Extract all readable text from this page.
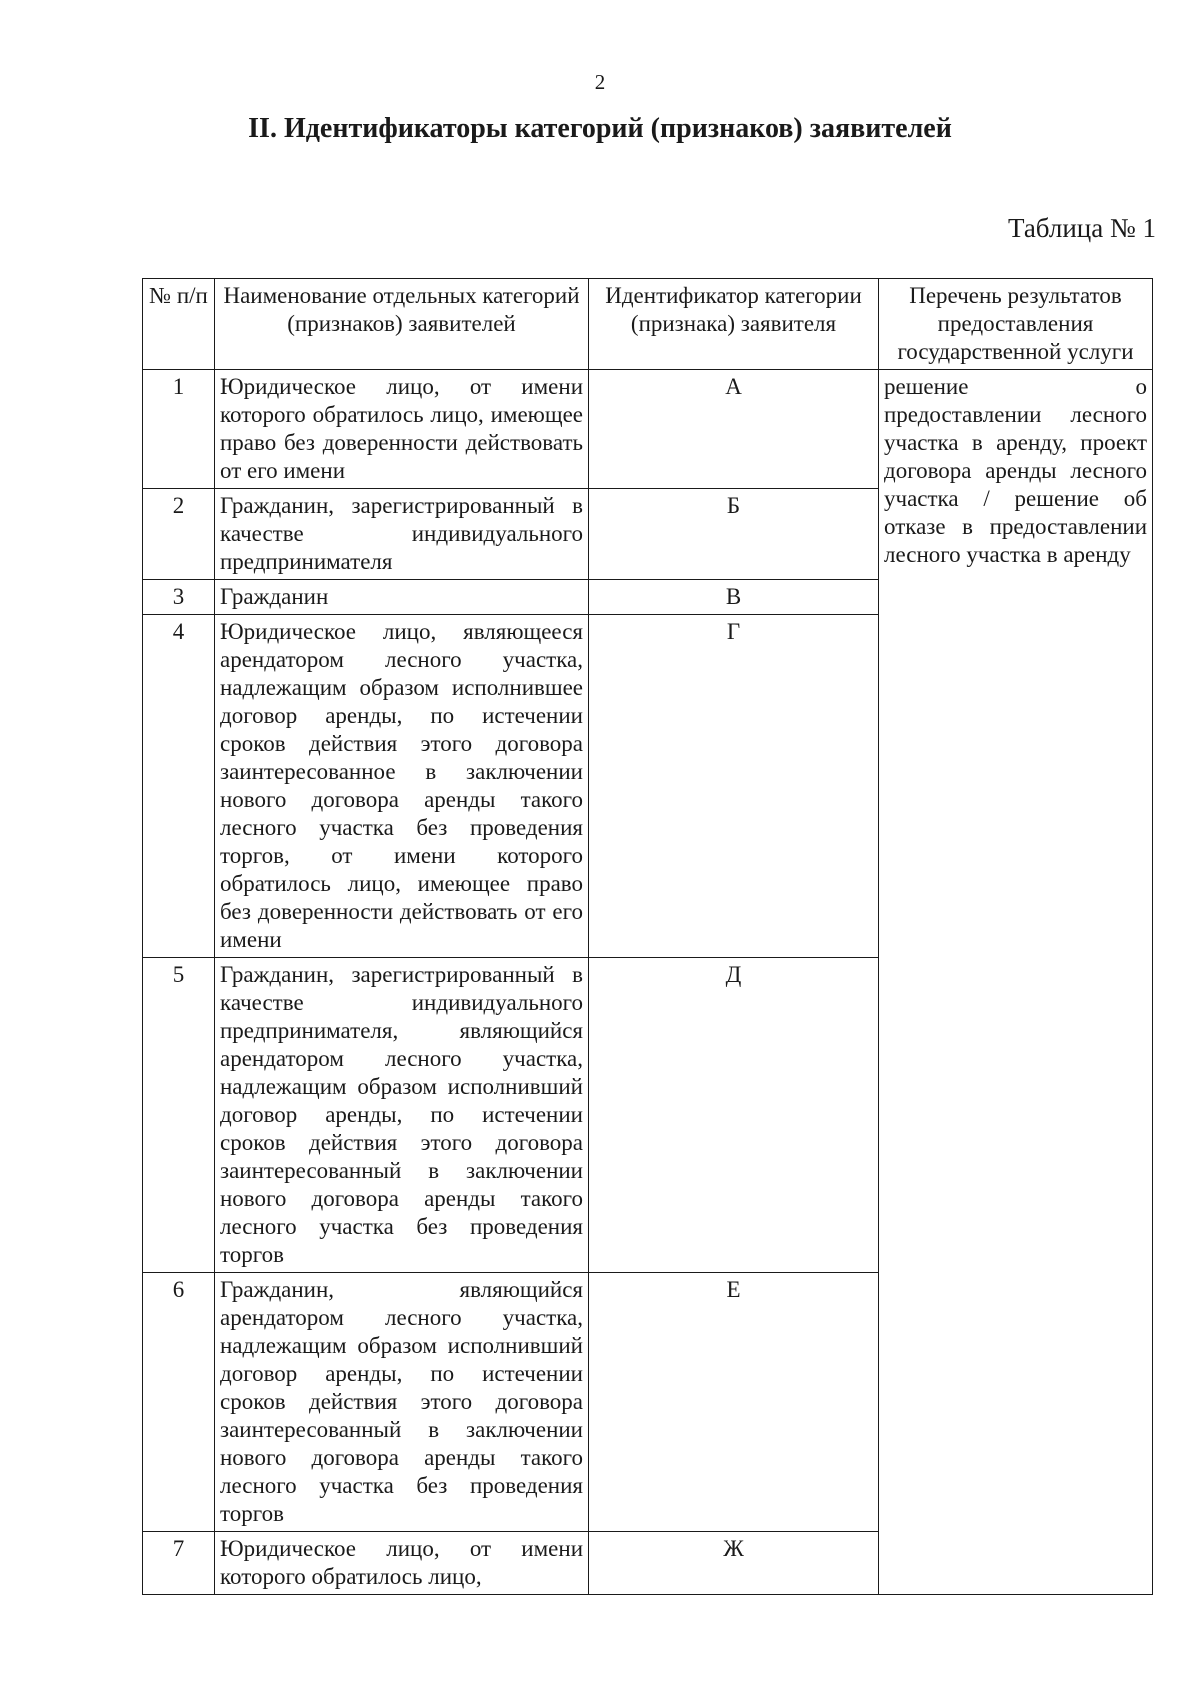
2
II. Идентификаторы категорий (признаков) заявителей
Таблица № 1
№ п/п	Наименование отдельных категорий (признаков) заявителей	Идентификатор категории (признака) заявителя	Перечень результатов предоставления государственной услуги
1	Юридическое лицо, от имени которого обратилось лицо, имеющее право без доверенности действовать от его имени	А	решение о предоставлении лесного участка в аренду, проект договора аренды лесного участка / решение об отказе в предоставлении лесного участка в аренду
2	Гражданин, зарегистрированный в качестве индивидуального предпринимателя	Б	
3	Гражданин	В	
4	Юридическое лицо, являющееся арендатором лесного участка, надлежащим образом исполнившее договор аренды, по истечении сроков действия этого договора заинтересованное в заключении нового договора аренды такого лесного участка без проведения торгов, от имени которого обратилось лицо, имеющее право без доверенности действовать от его имени	Г	
5	Гражданин, зарегистрированный в качестве индивидуального предпринимателя, являющийся арендатором лесного участка, надлежащим образом исполнивший договор аренды, по истечении сроков действия этого договора заинтересованный в заключении нового договора аренды такого лесного участка без проведения торгов	Д	
6	Гражданин, являющийся арендатором лесного участка, надлежащим образом исполнивший договор аренды, по истечении сроков действия этого договора заинтересованный в заключении нового договора аренды такого лесного участка без проведения торгов	Е	
7	Юридическое лицо, от имени которого обратилось лицо,	Ж	
